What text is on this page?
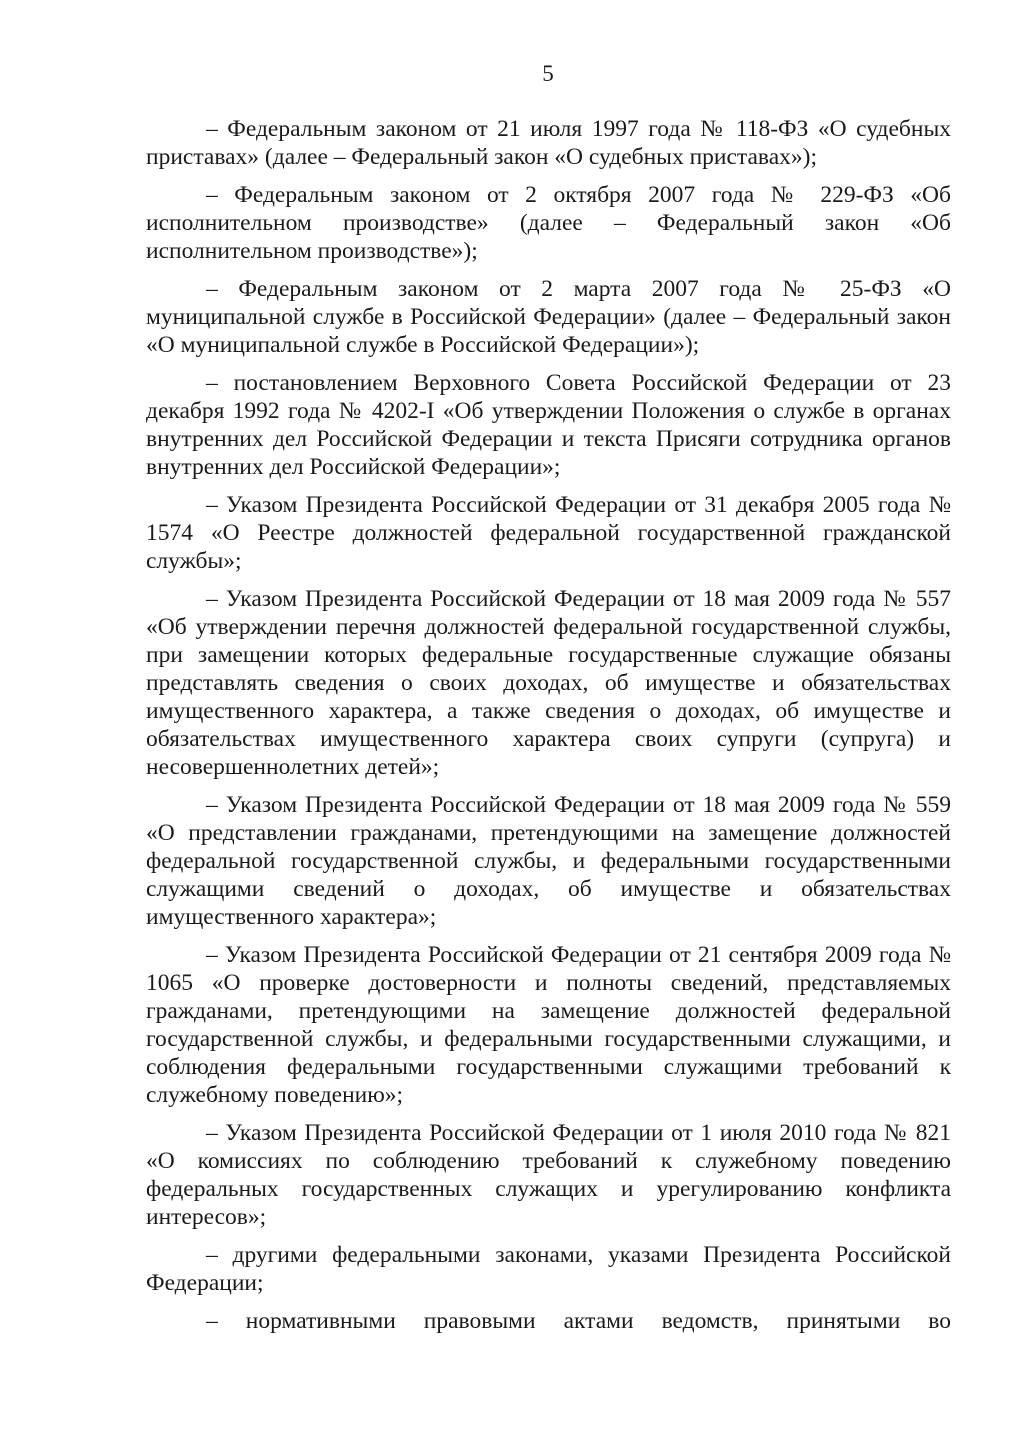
5

– Федеральным законом от 21 июля 1997 года № 118-ФЗ «О судебных приставах» (далее – Федеральный закон «О судебных приставах»);

– Федеральным законом от 2 октября 2007 года № 229-ФЗ «Об исполнительном производстве» (далее – Федеральный закон «Об исполнительном производстве»);

– Федеральным законом от 2 марта 2007 года № 25-ФЗ «О муниципальной службе в Российской Федерации» (далее – Федеральный закон «О муниципальной службе в Российской Федерации»);

– постановлением Верховного Совета Российской Федерации от 23 декабря 1992 года № 4202-I «Об утверждении Положения о службе в органах внутренних дел Российской Федерации и текста Присяги сотрудника органов внутренних дел Российской Федерации»;

– Указом Президента Российской Федерации от 31 декабря 2005 года № 1574 «О Реестре должностей федеральной государственной гражданской службы»;

– Указом Президента Российской Федерации от 18 мая 2009 года № 557 «Об утверждении перечня должностей федеральной государственной службы, при замещении которых федеральные государственные служащие обязаны представлять сведения о своих доходах, об имуществе и обязательствах имущественного характера, а также сведения о доходах, об имуществе и обязательствах имущественного характера своих супруги (супруга) и несовершеннолетних детей»;

– Указом Президента Российской Федерации от 18 мая 2009 года № 559 «О представлении гражданами, претендующими на замещение должностей федеральной государственной службы, и федеральными государственными служащими сведений о доходах, об имуществе и обязательствах имущественного характера»;

– Указом Президента Российской Федерации от 21 сентября 2009 года № 1065 «О проверке достоверности и полноты сведений, представляемых гражданами, претендующими на замещение должностей федеральной государственной службы, и федеральными государственными служащими, и соблюдения федеральными государственными служащими требований к служебному поведению»;

– Указом Президента Российской Федерации от 1 июля 2010 года № 821 «О комиссиях по соблюдению требований к служебному поведению федеральных государственных служащих и урегулированию конфликта интересов»;

– другими федеральными законами, указами Президента Российской Федерации;

– нормативными правовыми актами ведомств, принятыми во
